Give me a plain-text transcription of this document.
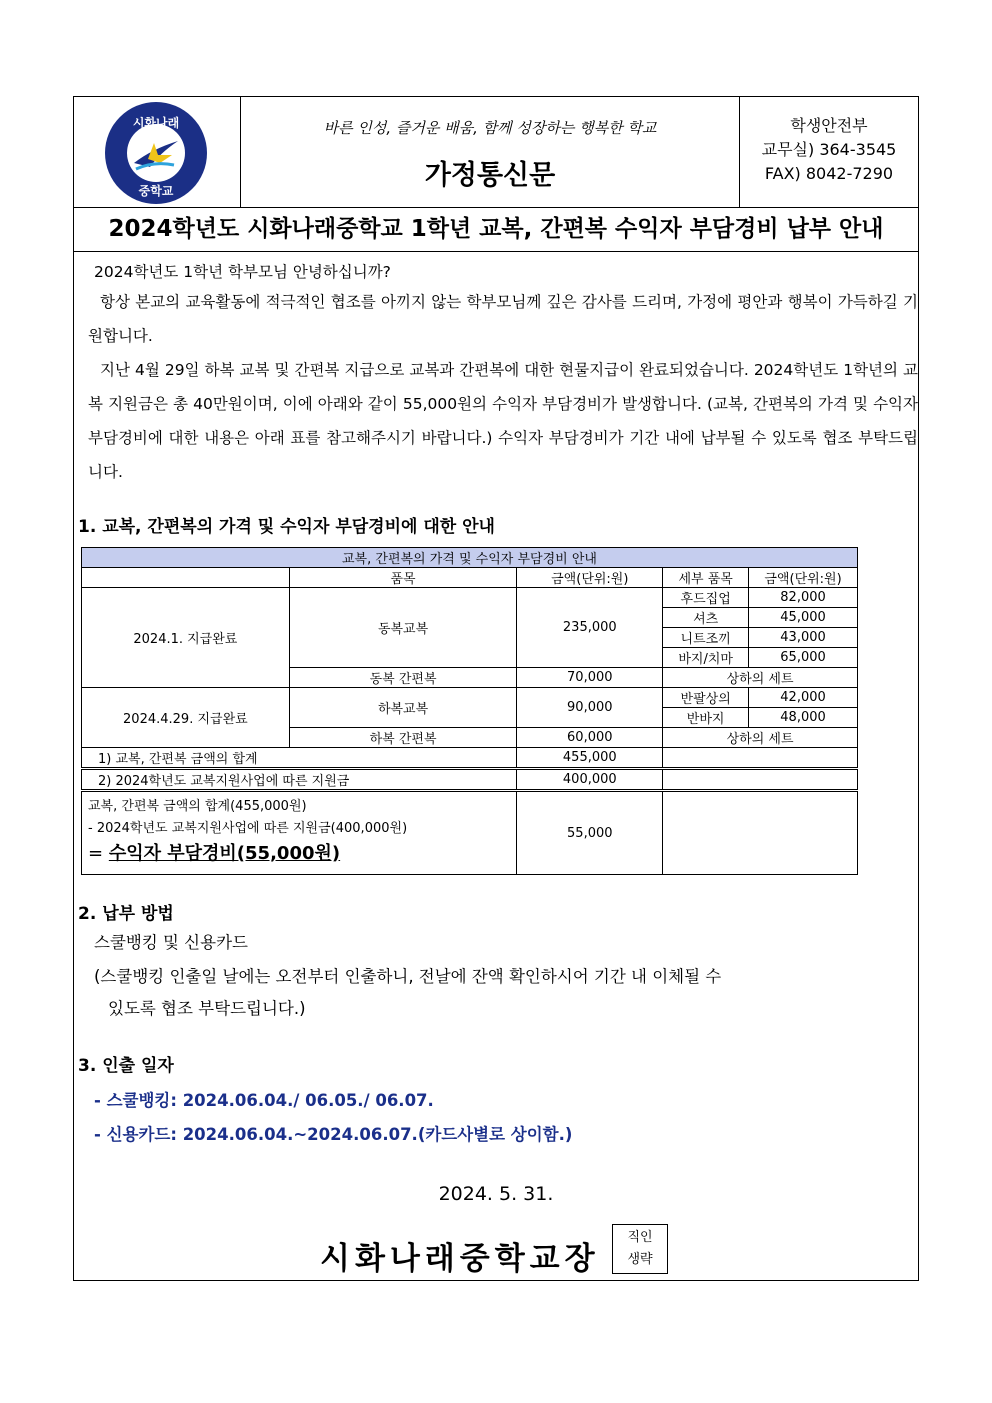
시화나래
중학교
바른 인성, 즐거운 배움, 함께 성장하는 행복한 학교
가정통신문
학생안전부
교무실) 364-3545
FAX) 8042-7290
2024학년도 시화나래중학교 1학년 교복, 간편복 수익자 부담경비 납부 안내
2024학년도 1학년 학부모님 안녕하십니까?
항상 본교의 교육활동에 적극적인 협조를 아끼지 않는 학부모님께 깊은 감사를 드리며, 가정에 평안과 행복이 가득하길 기원합니다.
지난 4월 29일 하복 교복 및 간편복 지급으로 교복과 간편복에 대한 현물지급이 완료되었습니다. 2024학년도 1학년의 교복 지원금은 총 40만원이며, 이에 아래와 같이 55,000원의 수익자 부담경비가 발생합니다. (교복, 간편복의 가격 및 수익자 부담경비에 대한 내용은 아래 표를 참고해주시기 바랍니다.) 수익자 부담경비가 기간 내에 납부될 수 있도록 협조 부탁드립니다.
1. 교복, 간편복의 가격 및 수익자 부담경비에 대한 안내
교복, 간편복의 가격 및 수익자 부담경비 안내				
	품목	금액(단위:원)	세부 품목	금액(단위:원)
2024.1. 지급완료	동복교복	235,000	후드집업	82,000
			셔츠	45,000
			니트조끼	43,000
			바지/치마	65,000
	동복 간편복	70,000	상하의 세트	
2024.4.29. 지급완료	하복교복	90,000	반팔상의	42,000
			반바지	48,000
	하복 간편복	60,000	상하의 세트	
1) 교복, 간편복 금액의 합계		455,000		
2) 2024학년도 교복지원사업에 따른 지원금		400,000		

교복, 간편복 금액의 합계(455,000원)
- 2024학년도 교복지원사업에 따른 지원금(400,000원)
= 수익자 부담경비(55,000원)		55,000		
2. 납부 방법
스쿨뱅킹 및 신용카드
(스쿨뱅킹 인출일 날에는 오전부터 인출하니, 전날에 잔액 확인하시어 기간 내 이체될 수
있도록 협조 부탁드립니다.)
3. 인출 일자
- 스쿨뱅킹: 2024.06.04./ 06.05./ 06.07.
- 신용카드: 2024.06.04.~2024.06.07.(카드사별로 상이함.)
2024. 5. 31.
시화나래중학교장
직인
생략
